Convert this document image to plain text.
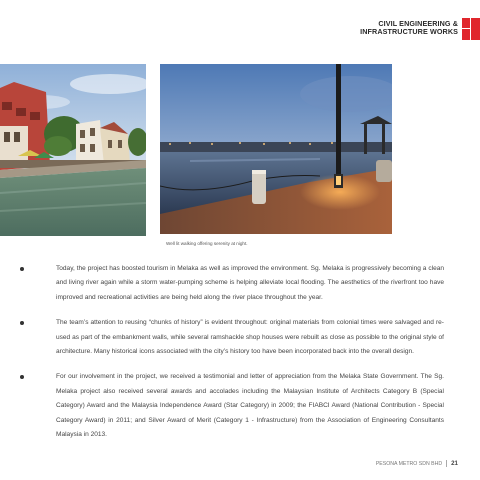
CIVIL ENGINEERING &
INFRASTRUCTURE WORKS
Well lit walking offering serenity at night.
Today, the project has boosted tourism in Melaka as well as improved the environment. Sg. Melaka is progressively becoming a clean and living river again while a storm water-pumping scheme is helping alleviate local flooding. The aesthetics of the riverfront too have improved and recreational activities are being held along the river place throughout the year.
The team’s attention to reusing “chunks of history” is evident throughout: original materials from colonial times were salvaged and re-used as part of the embankment walls, while several ramshackle shop houses were rebuilt as close as possible to the original style of architecture. Many historical icons associated with the city’s history too have been incorporated back into the overall design.
For our involvement in the project, we received a testimonial and letter of appreciation from the Melaka State Government. The Sg. Melaka project also received several awards and accolades including the Malaysian Institute of Architects Category B (Special Category) Award and the Malaysia Independence Award (Star Category) in 2009; the FIABCI Award (National Contribution - Special Category Award) in 2011; and Silver Award of Merit (Category 1 - Infrastructure) from the Association of Engineering Consultants Malaysia in 2013.
PESONA METRO SDN BHD 21
